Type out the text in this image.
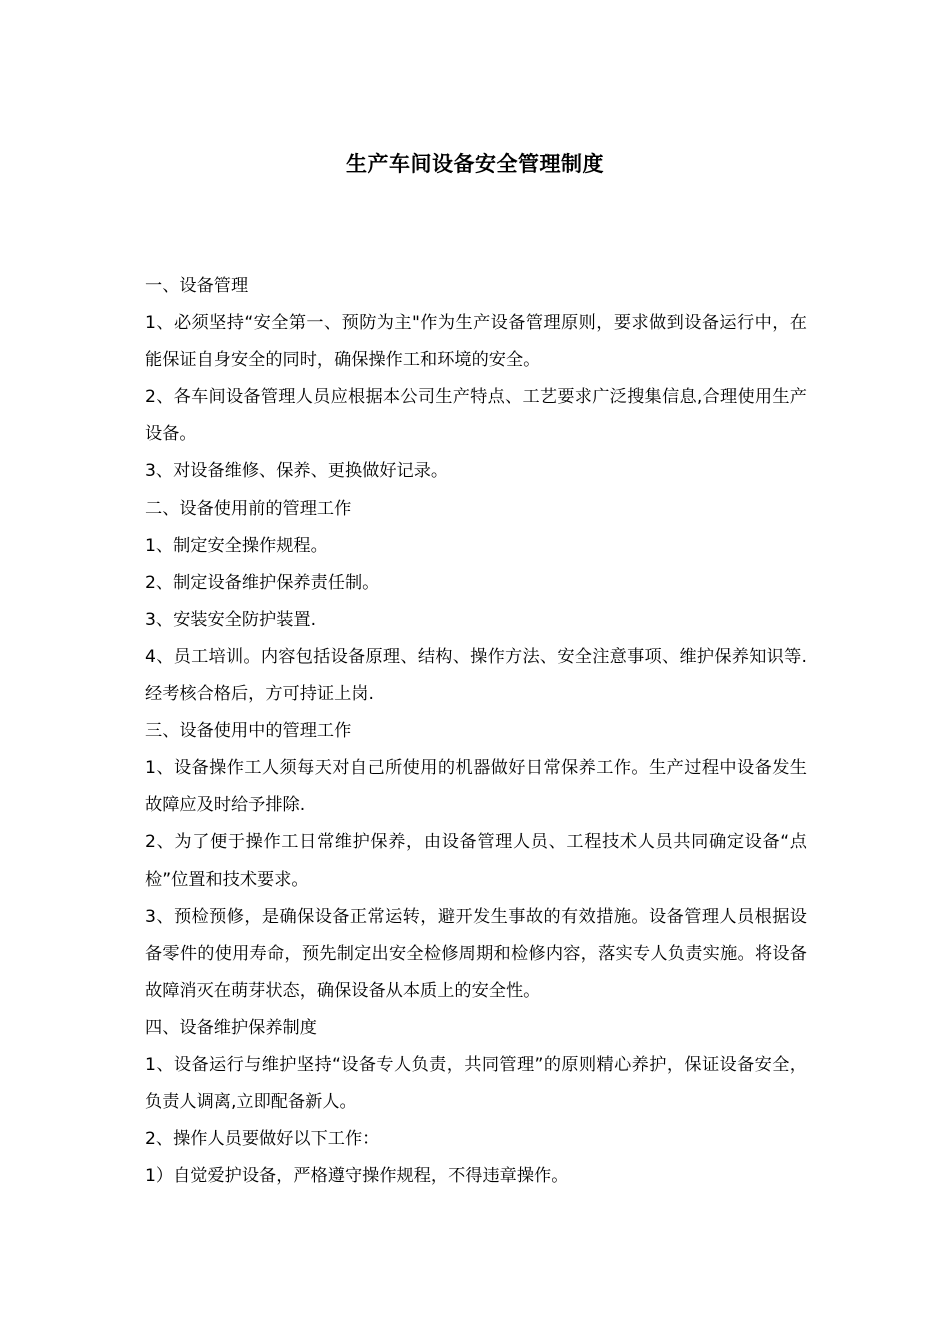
生产车间设备安全管理制度

一、设备管理

1、必须坚持“安全第一、预防为主"作为生产设备管理原则，要求做到设备运行中，在能保证自身安全的同时，确保操作工和环境的安全。

2、各车间设备管理人员应根据本公司生产特点、工艺要求广泛搜集信息,合理使用生产设备。

3、对设备维修、保养、更换做好记录。

二、设备使用前的管理工作

1、制定安全操作规程。

2、制定设备维护保养责任制。

3、安装安全防护装置.

4、员工培训。内容包括设备原理、结构、操作方法、安全注意事项、维护保养知识等.经考核合格后，方可持证上岗.

三、设备使用中的管理工作

1、设备操作工人须每天对自己所使用的机器做好日常保养工作。生产过程中设备发生故障应及时给予排除.

2、为了便于操作工日常维护保养，由设备管理人员、工程技术人员共同确定设备“点检”位置和技术要求。

3、预检预修，是确保设备正常运转，避开发生事故的有效措施。设备管理人员根据设备零件的使用寿命，预先制定出安全检修周期和检修内容，落实专人负责实施。将设备故障消灭在萌芽状态，确保设备从本质上的安全性。

四、设备维护保养制度

1、设备运行与维护坚持“设备专人负责，共同管理”的原则精心养护，保证设备安全，负责人调离,立即配备新人。

2、操作人员要做好以下工作：

1）自觉爱护设备，严格遵守操作规程，不得违章操作。
